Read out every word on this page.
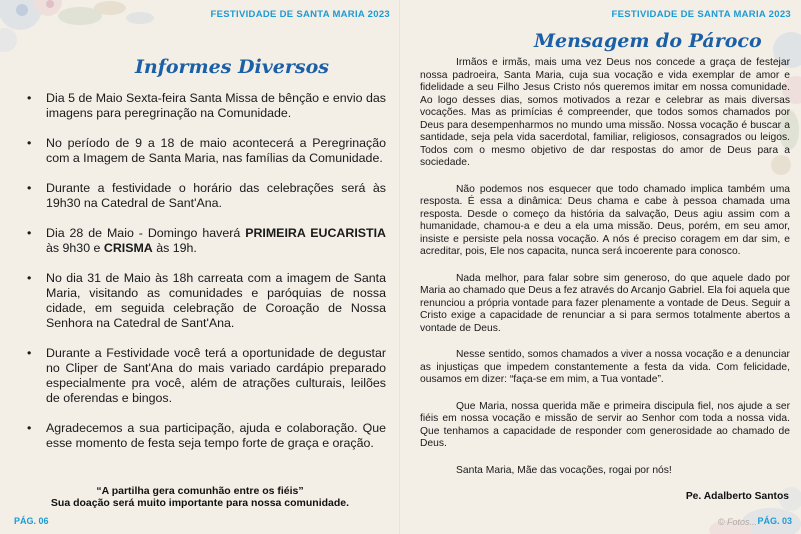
FESTIVIDADE DE SANTA MARIA 2023
Informes Diversos
• Dia 5 de Maio Sexta-feira Santa Missa de bênção e envio das imagens para peregrinação na Comunidade.
• No período de 9 a 18 de maio acontecerá a Peregrinação com a Imagem de Santa Maria, nas famílias da Comunidade.
• Durante a festividade o horário das celebrações será às 19h30 na Catedral de Sant'Ana.
• Dia 28 de Maio - Domingo haverá PRIMEIRA EUCARISTIA às 9h30 e CRISMA às 19h.
• No dia 31 de Maio às 18h carreata com a imagem de Santa Maria, visitando as comunidades e paróquias de nossa cidade, em seguida celebração de Coroação de Nossa Senhora na Catedral de Sant'Ana.
• Durante a Festividade você terá a oportunidade de degustar no Cliper de Sant'Ana do mais variado cardápio preparado especialmente pra você, além de atrações culturais, leilões de oferendas e bingos.
• Agradecemos a sua participação, ajuda e colaboração. Que esse momento de festa seja tempo forte de graça e oração.
“A partilha gera comunhão entre os fiéis”
Sua doação será muito importante para nossa comunidade.
PÁG. 06
FESTIVIDADE DE SANTA MARIA 2023
Mensagem do Pároco

Irmãos e irmãs, mais uma vez Deus nos concede a graça de festejar nossa padroeira, Santa Maria, cuja sua vocação e vida exemplar de amor e fidelidade a seu Filho Jesus Cristo nós queremos imitar em nossa comunidade. Ao logo desses dias, somos motivados a rezar e celebrar as mais diversas vocações. Mas as primícias é compreender, que todos somos chamados por Deus para desempenharmos no mundo uma missão. Nossa vocação é buscar a santidade, seja pela vida sacerdotal, familiar, religiosos, consagrados ou leigos. Todos com o mesmo objetivo de dar respostas do amor de Deus para a sociedade.

Não podemos nos esquecer que todo chamado implica também uma resposta. É essa a dinâmica: Deus chama e cabe à pessoa chamada uma resposta. Desde o começo da história da salvação, Deus agiu assim com a humanidade, chamou-a e deu a ela uma missão. Deus, porém, em seu amor, insiste e persiste pela nossa vocação. A nós é preciso coragem em dar sim, e acreditar, pois, Ele nos capacita, nunca será incoerente para conosco.

Nada melhor, para falar sobre sim generoso, do que aquele dado por Maria ao chamado que Deus a fez através do Arcanjo Gabriel. Ela foi aquela que renunciou a própria vontade para fazer plenamente a vontade de Deus. Seguir a Cristo exige a capacidade de renunciar a si para sermos totalmente abertos a vontade de Deus.

Nesse sentido, somos chamados a viver a nossa vocação e a denunciar as injustiças que impedem constantemente a festa da vida. Com felicidade, ousamos em dizer: “faça-se em mim, a Tua vontade”.

Que Maria, nossa querida mãe e primeira discipula fiel, nos ajude a ser fiéis em nossa vocação e missão de servir ao Senhor com toda a nossa vida. Que tenhamos a capacidade de responder com generosidade ao chamado de Deus.

Santa Maria, Mãe das vocações, rogai por nós!

Pe. Adalberto Santos
© Fotos... PÁG. 03
